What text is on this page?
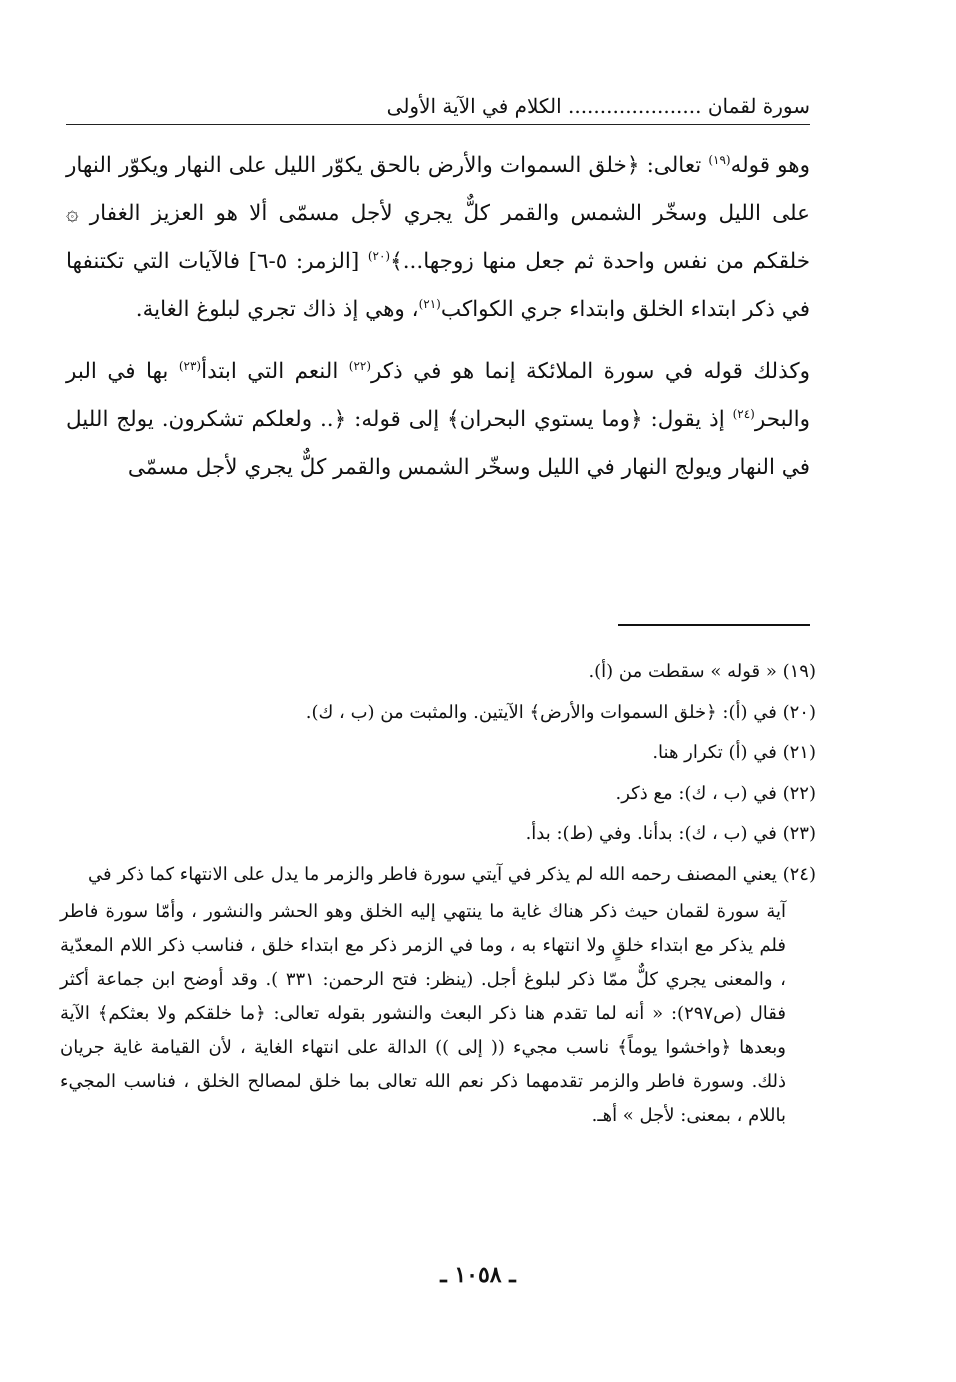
سورة لقمان ..................... الكلام في الآية الأولى

وهو قوله$^{(١٩)}$ تعالى: ﴿خلق السموات والأرض بالحق يكوّر الليل على النهار ويكوّر النهار على الليل وسخّر الشمس والقمر كلٌّ يجري لأجل مسمّى ألا هو العزيز الغفار ۞ خلقكم من نفس واحدة ثم جعل منها زوجها...﴾$^{(٢٠)}$ [الزمر: ٥-٦] فالآيات التي تكتنفها في ذكر ابتداء الخلق وابتداء جري الكواكب$^{(٢١)}$، وهي إذ ذاك تجري لبلوغ الغاية.

وكذلك قوله في سورة الملائكة إنما هو في ذكر$^{(٢٢)}$ النعم التي ابتدأ$^{(٢٣)}$ بها في البر والبحر$^{(٢٤)}$ إذ يقول: ﴿وما يستوي البحران﴾ إلى قوله: ﴿.. ولعلكم تشكرون. يولج الليل في النهار ويولج النهار في الليل وسخّر الشمس والقمر كلٌّ يجري لأجل مسمّى

(١٩) « قوله » سقطت من (أ).

(٢٠) في (أ): ﴿خلق السموات والأرض﴾ الآيتين. والمثبت من (ب ، ك).

(٢١) في (أ) تكرار هنا.

(٢٢) في (ب ، ك): مع ذكر.

(٢٣) في (ب ، ك): بدأنا. وفي (ط): بدأ.

(٢٤) يعني المصنف رحمه الله لم يذكر في آيتي سورة فاطر والزمر ما يدل على الانتهاء كما ذكر في

آية سورة لقمان حيث ذكر هناك غاية ما ينتهي إليه الخلق وهو الحشر والنشور ، وأمّا سورة فاطر فلم يذكر مع ابتداء خلقٍ ولا انتهاء به ، وما في الزمر ذكر مع ابتداء خلق ، فناسب ذكر اللام المعدّية ، والمعنى يجري كلٌّ ممّا ذكر لبلوغ أجل. (ينظر: فتح الرحمن: ٣٣١ ). وقد أوضح ابن جماعة أكثر فقال (ص٢٩٧): « أنه لما تقدم هنا ذكر البعث والنشور بقوله تعالى: ﴿ما خلقكم ولا بعثكم﴾ الآية وبعدها ﴿واخشوا يوماً﴾ ناسب مجيء (( إلى )) الدالة على انتهاء الغاية ، لأن القيامة غاية جريان ذلك. وسورة فاطر والزمر تقدمهما ذكر نعم الله تعالى بما خلق لمصالح الخلق ، فناسب المجيء باللام ، بمعنى: لأجل » أهـ.

ـ ١٠٥٨ ـ
